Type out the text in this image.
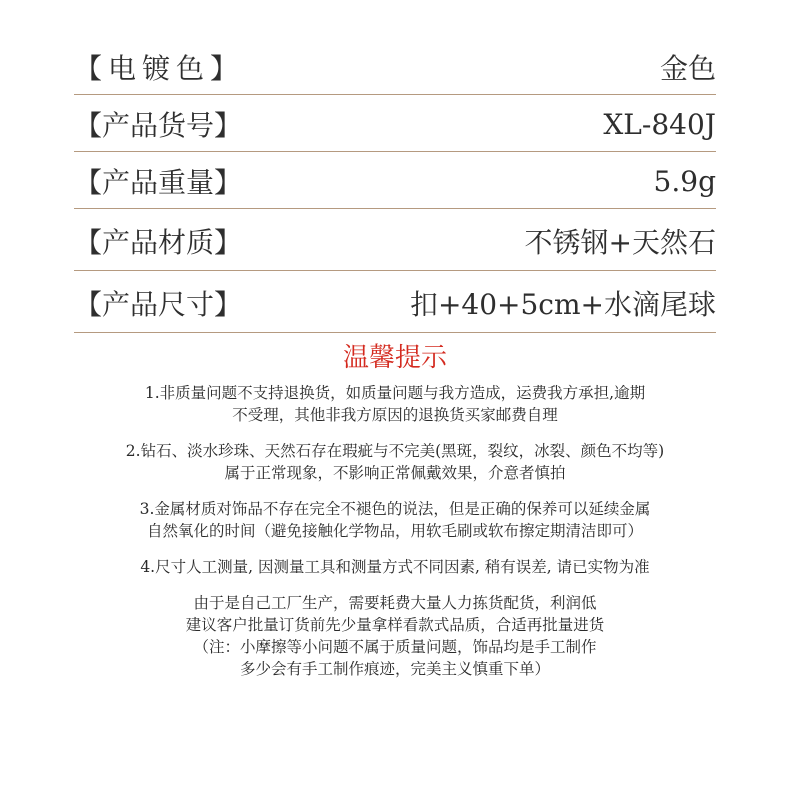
【电镀色】	金色
【产品货号】	XL-840J
【产品重量】	5.9g
【产品材质】	不锈钢+天然石
【产品尺寸】	扣+40+5cm+水滴尾球
温馨提示
1.非质量问题不支持退换货，如质量问题与我方造成，运费我方承担,逾期
不受理，其他非我方原因的退换货买家邮费自理
2.钻石、淡水珍珠、天然石存在瑕疵与不完美(黑斑，裂纹，冰裂、颜色不均等)
属于正常现象，不影响正常佩戴效果，介意者慎拍
3.金属材质对饰品不存在完全不褪色的说法，但是正确的保养可以延续金属
自然氧化的时间（避免接触化学物品，用软毛刷或软布擦定期清洁即可）
4.尺寸人工测量, 因测量工具和测量方式不同因素, 稍有误差, 请已实物为准
由于是自己工厂生产，需要耗费大量人力拣货配货，利润低
建议客户批量订货前先少量拿样看款式品质，合适再批量进货
（注：小摩擦等小问题不属于质量问题，饰品均是手工制作
多少会有手工制作痕迹，完美主义慎重下单）
